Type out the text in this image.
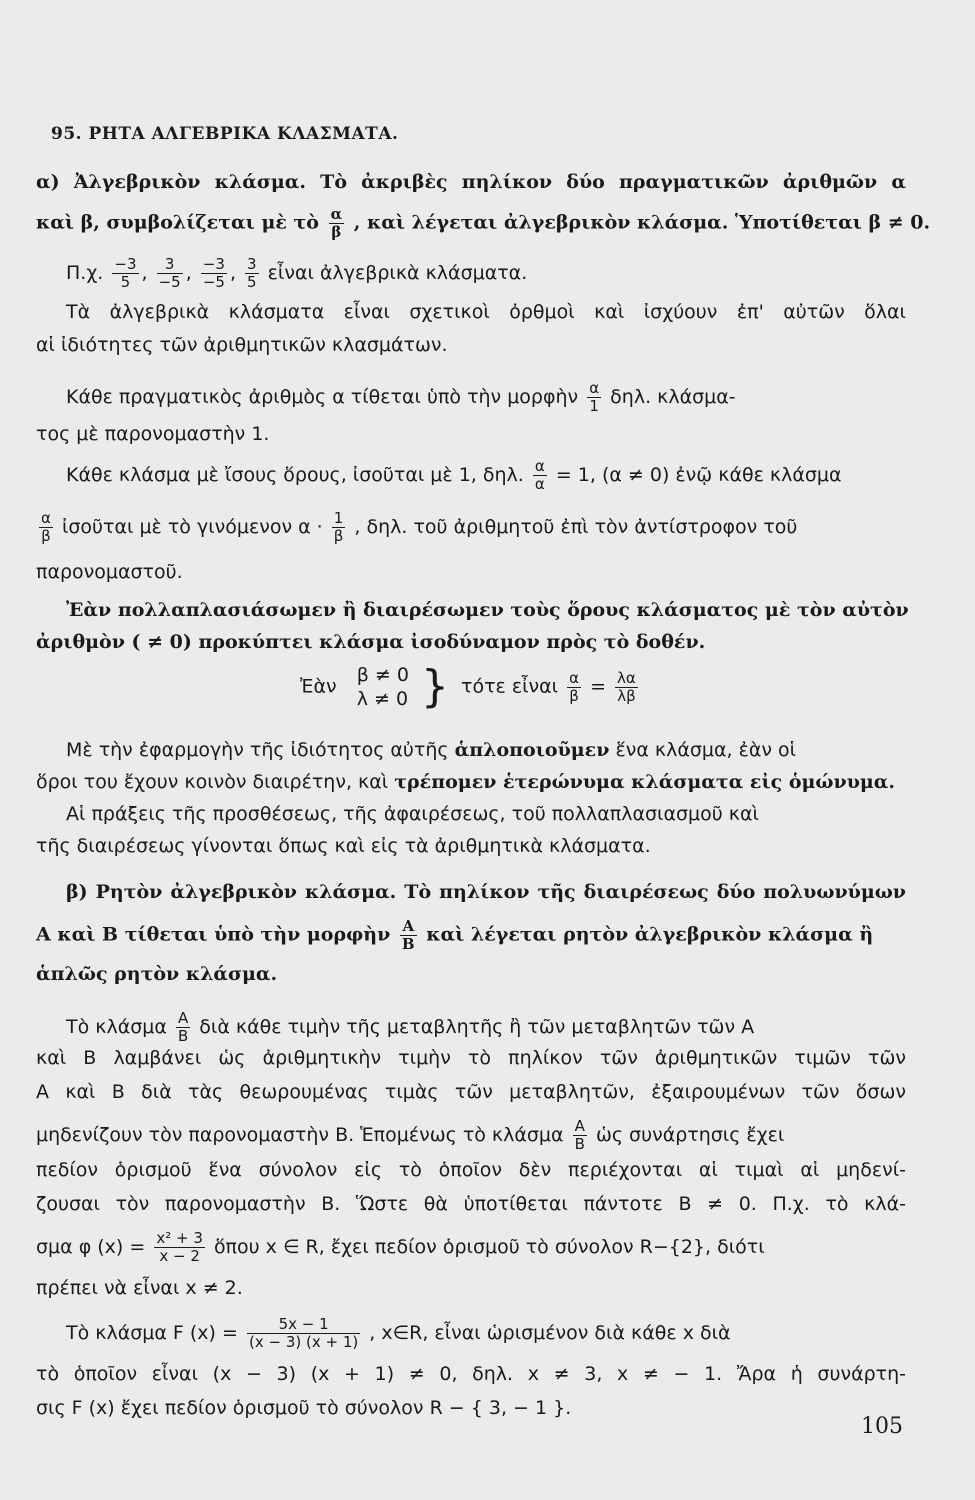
95. ΡΗΤΑ ΑΛΓΕΒΡΙΚΑ ΚΛΑΣΜΑΤΑ.
α) Ἀλγεβρικὸν κλάσμα. Τὸ ἀκριβὲς πηλίκον δύο πραγματικῶν ἀριθμῶν α
καὶ β, συμβολίζεται μὲ τὸ $\frac{\alpha}{\beta}$ , καὶ λέγεται ἀλγεβρικὸν κλάσμα. Ὑποτίθεται β ≠ 0.
Π.χ. $\frac{-3}{5}$ , $\frac{3}{-5}$ , $\frac{-3}{-5}$ , $\frac{3}{5}$ εἶναι ἀλγεβρικὰ κλάσματα.
Τὰ ἀλγεβρικὰ κλάσματα εἶναι σχετικοὶ ὀρθμοὶ καὶ ἰσχύουν ἐπ' αὐτῶν ὅλαι
αἱ ἰδιότητες τῶν ἀριθμητικῶν κλασμάτων.
Κάθε πραγματικὸς ἀριθμὸς α τίθεται ὑπὸ τὴν μορφὴν $\frac{\alpha}{1} \delta\eta\lambda$. κλάσμα-
τος μὲ παρονομαστὴν 1.
Κάθε κλάσμα μὲ ἴσους ὅρους, ἰσοῦται μὲ 1, δηλ. $\frac{\alpha}{\alpha} = 1$, (α ≠ 0) ἐνῷ κάθε κλάσμα
$\frac{\alpha}{\beta}$ ἰσοῦται μὲ τὸ γινόμενον $\alpha \cdot \frac{1}{\beta}$ , δηλ. τοῦ ἀριθμητοῦ ἐπὶ τὸν ἀντίστροφον τοῦ
παρονομαστοῦ.
Ἐὰν πολλαπλασιάσωμεν ἢ διαιρέσωμεν τοὺς ὅρους κλάσματος μὲ τὸν αὐτὸν
ἀριθμὸν ( ≠ 0) προκύπτει κλάσμα ἰσοδύναμον πρὸς τὸ δοθέν.
Ἐὰν
β ≠ 0
λ ≠ 0 } τότε εἶναι $\frac{\alpha}{\beta} = \frac{\lambda\alpha}{\lambda\beta}$
Μὲ τὴν ἐφαρμογὴν τῆς ἰδιότητος αὐτῆς ἁπλοποιοῦμεν ἕνα κλάσμα, ἐὰν οἱ
ὅροι του ἔχουν κοινὸν διαιρέτην, καὶ τρέπομεν ἑτερώνυμα κλάσματα εἰς ὁμώνυμα.
Αἱ πράξεις τῆς προσθέσεως, τῆς ἀφαιρέσεως, τοῦ πολλαπλασιασμοῦ καὶ
τῆς διαιρέσεως γίνονται ὅπως καὶ εἰς τὰ ἀριθμητικὰ κλάσματα.
β) Ρητὸν ἀλγεβρικὸν κλάσμα. Τὸ πηλίκον τῆς διαιρέσεως δύο πολυωνύμων
Α καὶ Β τίθεται ὑπὸ τὴν μορφὴν $\frac{A}{B}$ καὶ λέγεται ρητὸν ἀλγεβρικὸν κλάσμα ἢ
ἁπλῶς ρητὸν κλάσμα.
Τὸ κλάσμα $\frac{A}{B}$ διὰ κάθε τιμὴν τῆς μεταβλητῆς ἢ τῶν μεταβλητῶν τῶν Α
καὶ Β λαμβάνει ὡς ἀριθμητικὴν τιμὴν τὸ πηλίκον τῶν ἀριθμητικῶν τιμῶν τῶν
Α καὶ Β διὰ τὰς θεωρουμένας τιμὰς τῶν μεταβλητῶν, ἐξαιρουμένων τῶν ὅσων
μηδενίζουν τὸν παρονομαστὴν Β. Ἑπομένως τὸ κλάσμα $\frac{A}{B}$ ὡς συνάρτησις ἔχει
πεδίον ὁρισμοῦ ἕνα σύνολον εἰς τὸ ὁποῖον δὲν περιέχονται αἱ τιμαὶ αἱ μηδενί-
ζουσαι τὸν παρονομαστὴν Β. Ὥστε θὰ ὑποτίθεται πάντοτε Β ≠ 0. Π.χ. τὸ κλά-
σμα φ $(x) = \frac{\text{x² + 3}}{x - 2}$ ὅπου x ∈ R, ἔχει πεδίον ὁρισμοῦ τὸ σύνολον R−{2}, διότι
πρέπει νὰ εἶναι x ≠ 2.
Τὸ κλάσμα F $(x) = \frac{5x - 1}{(x - 3) (x + 1)}$ , x∈R, εἶναι ὡρισμένον διὰ κάθε x διὰ
τὸ ὁποῖον εἶναι (x − 3) (x + 1) ≠ 0, δηλ. x ≠ 3, x ≠ − 1. Ἄρα ἡ συνάρτη-
σις F (x) ἔχει πεδίον ὁρισμοῦ τὸ σύνολον R − { 3, − 1 }.
105
